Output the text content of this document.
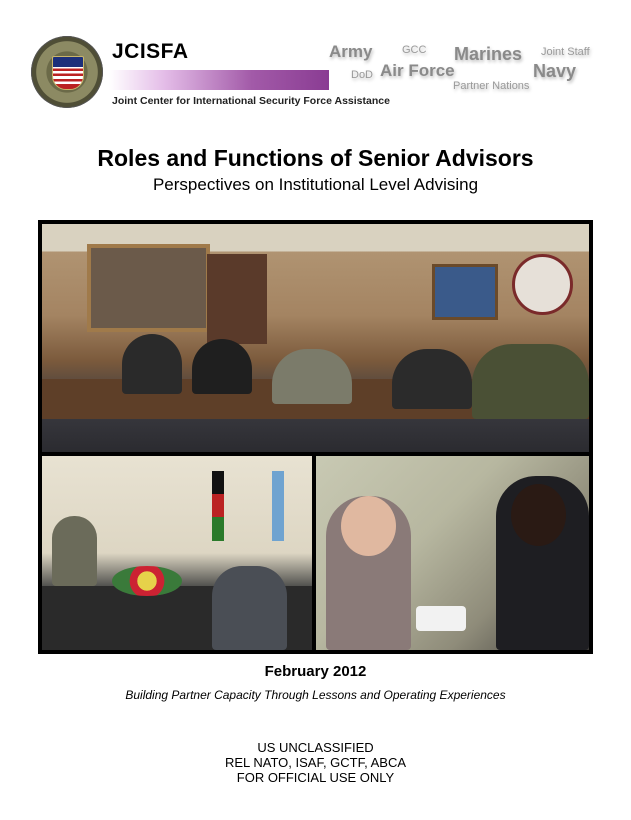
JCISFA
Joint Center for International Security Force Assistance
Army	GCC Marines Joint Staff
DoD Air Force	Navy
Partner Nations
Roles and Functions of Senior Advisors
Perspectives on Institutional Level Advising
February 2012
Building Partner Capacity Through Lessons and Operating Experiences
US UNCLASSIFIED
REL NATO, ISAF, GCTF, ABCA
FOR OFFICIAL USE ONLY
